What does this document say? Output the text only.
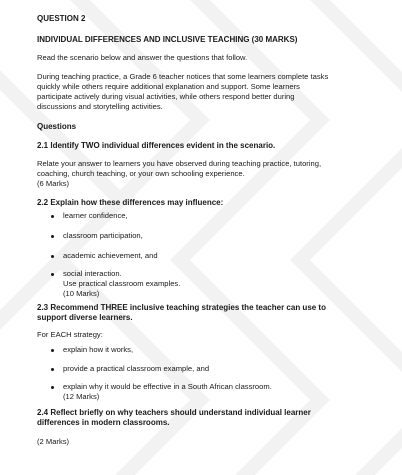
QUESTION 2
INDIVIDUAL DIFFERENCES AND INCLUSIVE TEACHING (30 MARKS)
Read the scenario below and answer the questions that follow.
During teaching practice, a Grade 6 teacher notices that some learners complete tasks
quickly while others require additional explanation and support. Some learners
participate actively during visual activities, while others respond better during
discussions and storytelling activities.
Questions
2.1 Identify TWO individual differences evident in the scenario.
Relate your answer to learners you have observed during teaching practice, tutoring,
coaching, church teaching, or your own schooling experience.
(6 Marks)
2.2 Explain how these differences may influence:
learner confidence,
classroom participation,
academic achievement, and
social interaction.
Use practical classroom examples.
(10 Marks)
2.3 Recommend THREE inclusive teaching strategies the teacher can use to
support diverse learners.
For EACH strategy:
explain how it works,
provide a practical classroom example, and
explain why it would be effective in a South African classroom.
(12 Marks)
2.4 Reflect briefly on why teachers should understand individual learner
differences in modern classrooms.
(2 Marks)
